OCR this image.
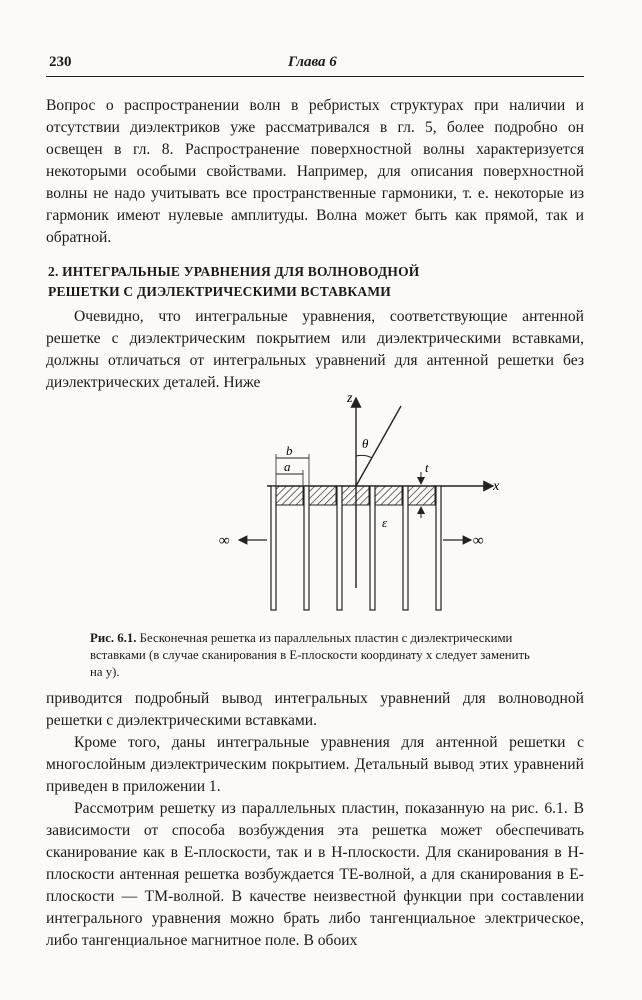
230	Глава 6

Вопрос о распространении волн в ребристых структурах при наличии и отсутствии диэлектриков уже рассматривался в гл. 5, более подробно он освещен в гл. 8. Распространение поверхностной волны характеризуется некоторыми особыми свойствами. Например, для описания поверхностной волны не надо учитывать все пространственные гармоники, т. е. некоторые из гармоник имеют нулевые амплитуды. Волна может быть как прямой, так и обратной.

2. ИНТЕГРАЛЬНЫЕ УРАВНЕНИЯ ДЛЯ ВОЛНОВОДНОЙ
РЕШЕТКИ С ДИЭЛЕКТРИЧЕСКИМИ ВСТАВКАМИ

Очевидно, что интегральные уравнения, соответствующие антенной решетке с диэлектрическим покрытием или диэлектрическими вставками, должны отличаться от интегральных уравнений для антенной решетки без диэлектрических деталей. Ниже

z
x
θ
b
a	t
ε
∞	∞

Рис. 6.1. Бесконечная решетка из параллельных пластин с диэлектрическими вставками (в случае сканирования в E-плоскости координату x следует заменить на y).

приводится подробный вывод интегральных уравнений для волноводной решетки с диэлектрическими вставками.

Кроме того, даны интегральные уравнения для антенной решетки с многослойным диэлектрическим покрытием. Детальный вывод этих уравнений приведен в приложении 1.

Рассмотрим решетку из параллельных пластин, показанную на рис. 6.1. В зависимости от способа возбуждения эта решетка может обеспечивать сканирование как в E-плоскости, так и в H-плоскости. Для сканирования в H-плоскости антенная решетка возбуждается TE-волной, а для сканирования в E-плоскости — TM-волной. В качестве неизвестной функции при составлении интегрального уравнения можно брать либо тангенциальное электрическое, либо тангенциальное магнитное поле. В обоих
